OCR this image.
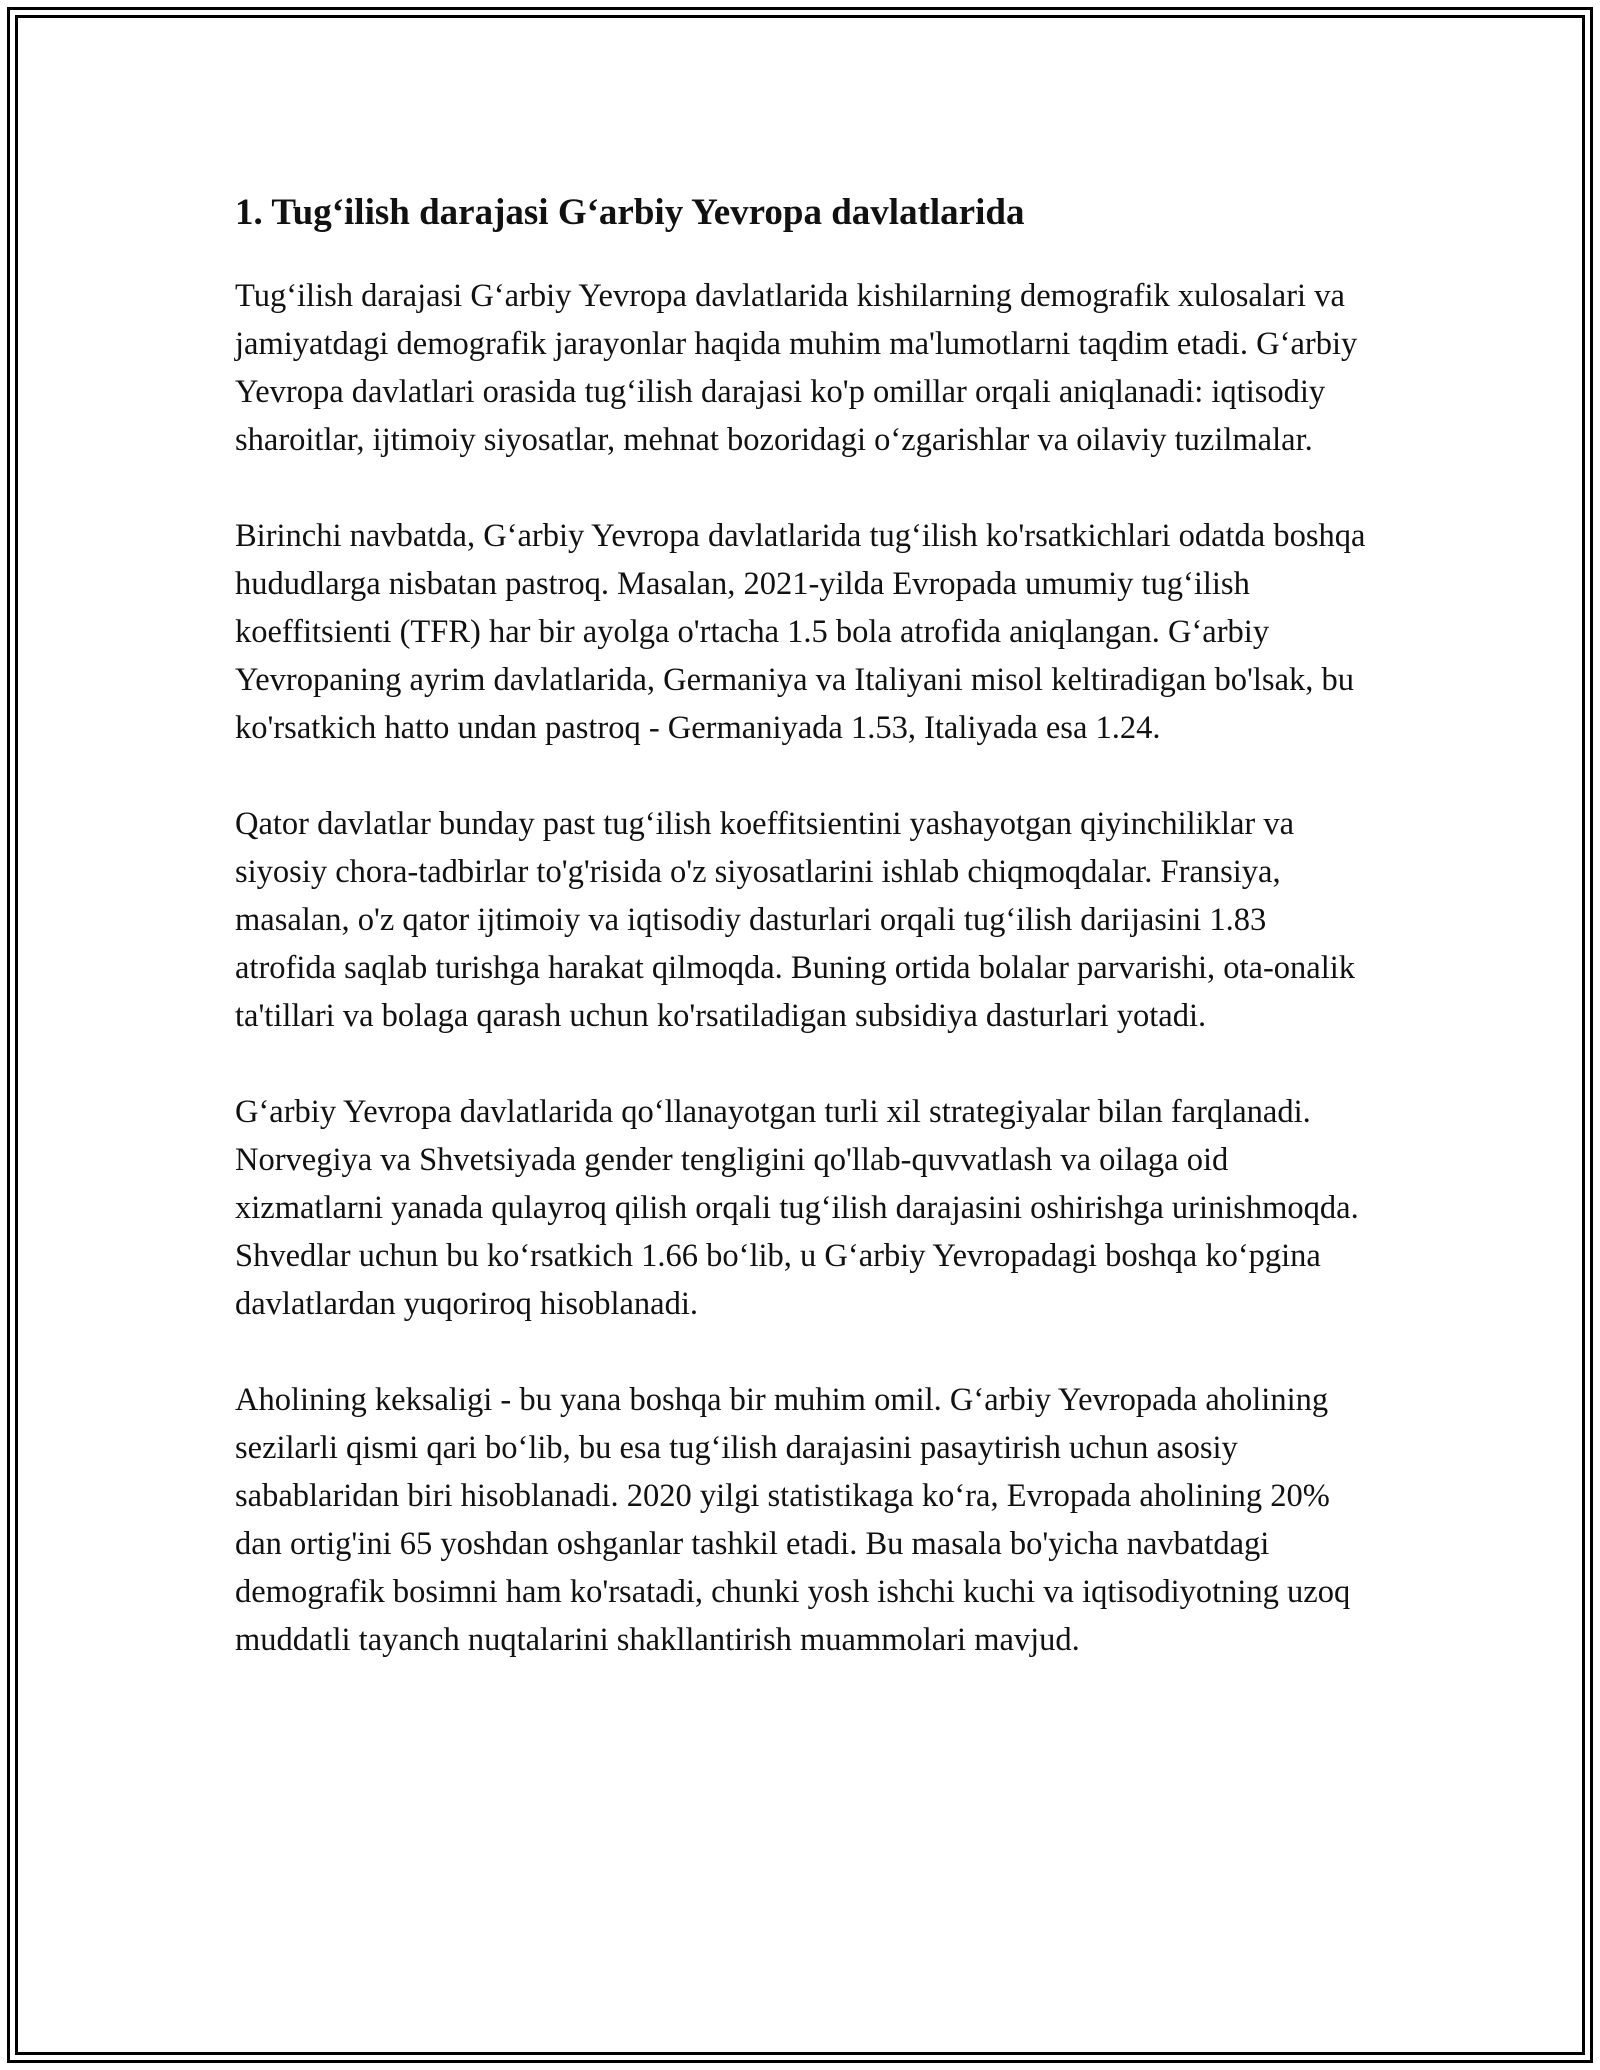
1. Tug‘ilish darajasi G‘arbiy Yevropa davlatlarida

Tug‘ilish darajasi G‘arbiy Yevropa davlatlarida kishilarning demografik xulosalari va jamiyatdagi demografik jarayonlar haqida muhim ma'lumotlarni taqdim etadi. G‘arbiy Yevropa davlatlari orasida tug‘ilish darajasi ko'p omillar orqali aniqlanadi: iqtisodiy sharoitlar, ijtimoiy siyosatlar, mehnat bozoridagi o‘zgarishlar va oilaviy tuzilmalar.

Birinchi navbatda, G‘arbiy Yevropa davlatlarida tug‘ilish ko'rsatkichlari odatda boshqa hududlarga nisbatan pastroq. Masalan, 2021-yilda Evropada umumiy tug‘ilish koeffitsienti (TFR) har bir ayolga o'rtacha 1.5 bola atrofida aniqlangan. G‘arbiy Yevropaning ayrim davlatlarida, Germaniya va Italiyani misol keltiradigan bo'lsak, bu ko'rsatkich hatto undan pastroq - Germaniyada 1.53, Italiyada esa 1.24.

Qator davlatlar bunday past tug‘ilish koeffitsientini yashayotgan qiyinchiliklar va siyosiy chora-tadbirlar to'g'risida o'z siyosatlarini ishlab chiqmoqdalar. Fransiya, masalan, o'z qator ijtimoiy va iqtisodiy dasturlari orqali tug‘ilish darijasini 1.83 atrofida saqlab turishga harakat qilmoqda. Buning ortida bolalar parvarishi, ota-onalik ta'tillari va bolaga qarash uchun ko'rsatiladigan subsidiya dasturlari yotadi.

G‘arbiy Yevropa davlatlarida qo‘llanayotgan turli xil strategiyalar bilan farqlanadi. Norvegiya va Shvetsiyada gender tengligini qo'llab-quvvatlash va oilaga oid xizmatlarni yanada qulayroq qilish orqali tug‘ilish darajasini oshirishga urinishmoqda. Shvedlar uchun bu ko‘rsatkich 1.66 bo‘lib, u G‘arbiy Yevropadagi boshqa ko‘pgina davlatlardan yuqoriroq hisoblanadi.

Aholining keksaligi - bu yana boshqa bir muhim omil. G‘arbiy Yevropada aholining sezilarli qismi qari bo‘lib, bu esa tug‘ilish darajasini pasaytirish uchun asosiy sabablaridan biri hisoblanadi. 2020 yilgi statistikaga ko‘ra, Evropada aholining 20% dan ortig'ini 65 yoshdan oshganlar tashkil etadi. Bu masala bo'yicha navbatdagi demografik bosimni ham ko'rsatadi, chunki yosh ishchi kuchi va iqtisodiyotning uzoq muddatli tayanch nuqtalarini shakllantirish muammolari mavjud.
